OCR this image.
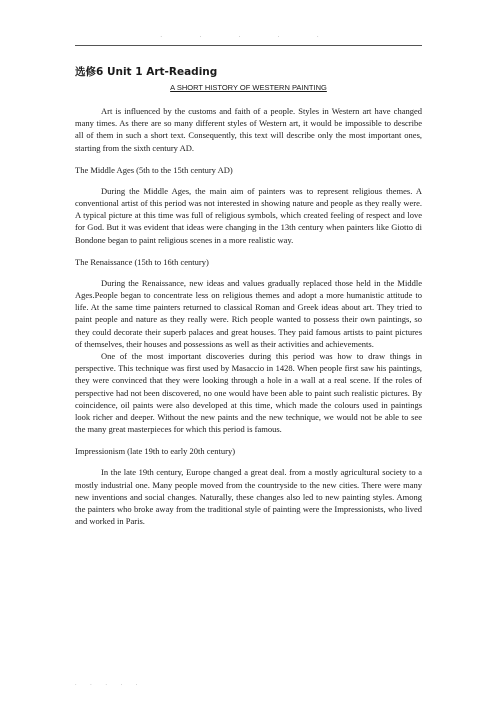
· · · · ·
选修6 Unit 1 Art-Reading
A SHORT HISTORY OF WESTERN PAINTING

Art is influenced by the customs and faith of a people. Styles in Western art have changed many times. As there are so many different styles of Western art, it would be impossible to describe all of them in such a short text. Consequently, this text will describe only the most important ones, starting from the sixth century AD.

The Middle Ages (5th to the 15th century AD)

During the Middle Ages, the main aim of painters was to represent religious themes. A conventional artist of this period was not interested in showing nature and people as they really were. A typical picture at this time was full of religious symbols, which created feeling of respect and love for God. But it was evident that ideas were changing in the 13th century when painters like Giotto di Bondone began to paint religious scenes in a more realistic way.

The Renaissance (15th to 16th century)

During the Renaissance, new ideas and values gradually replaced those held in the Middle Ages.People began to concentrate less on religious themes and adopt a more humanistic attitude to life. At the same time painters returned to classical Roman and Greek ideas about art. They tried to paint people and nature as they really were. Rich people wanted to possess their own paintings, so they could decorate their superb palaces and great houses. They paid famous artists to paint pictures of themselves, their houses and possessions as well as their activities and achievements.

One of the most important discoveries during this period was how to draw things in perspective. This technique was first used by Masaccio in 1428. When people first saw his paintings, they were convinced that they were looking through a hole in a wall at a real scene. If the roles of perspective had not been discovered, no one would have been able to paint such realistic pictures. By coincidence, oil paints were also developed at this time, which made the colours used in paintings look richer and deeper. Without the new paints and the new technique, we would not be able to see the many great masterpieces for which this period is famous.

Impressionism (late 19th to early 20th century)

In the late 19th century, Europe changed a great deal. from a mostly agricultural society to a mostly industrial one. Many people moved from the countryside to the new cities. There were many new inventions and social changes. Naturally, these changes also led to new painting styles. Among the painters who broke away from the traditional style of painting were the Impressionists, who lived and worked in Paris.

· · · · ·
